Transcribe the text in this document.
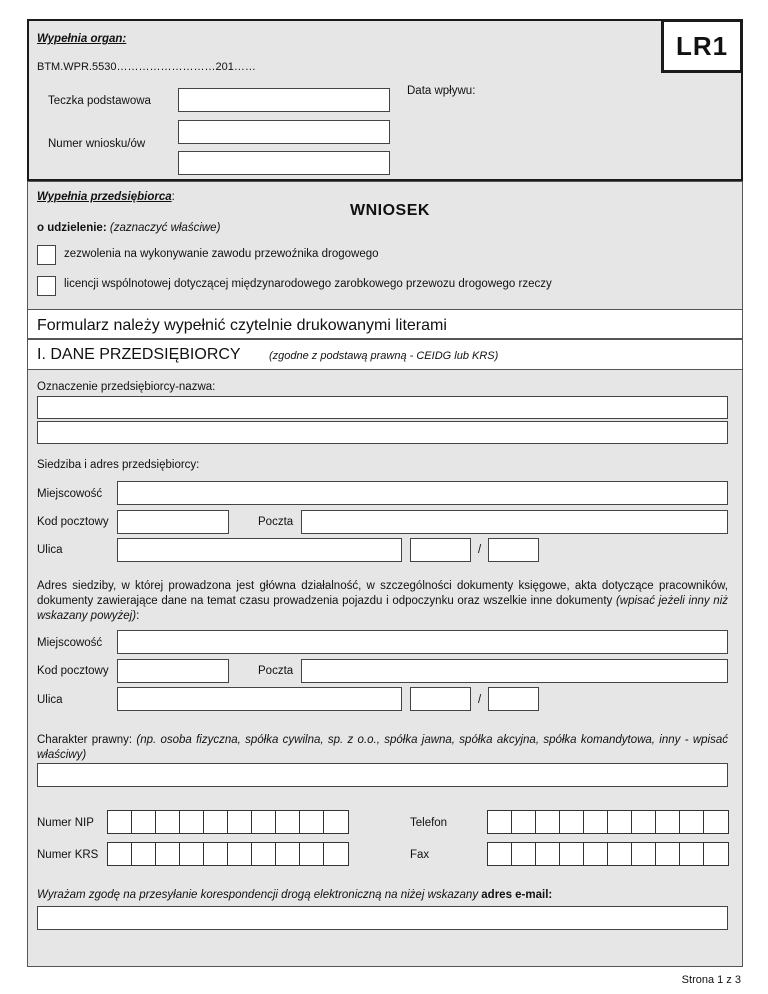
LR1
Wypełnia organ:
BTM.WPR.5530………………………201……
Teczka podstawowa
Data wpływu:
Numer wniosku/ów
Wypełnia przedsiębiorca:
WNIOSEK
o udzielenie: (zaznaczyć właściwe)
zezwolenia na wykonywanie zawodu przewoźnika drogowego
licencji wspólnotowej dotyczącej międzynarodowego zarobkowego przewozu drogowego rzeczy
Formularz należy wypełnić czytelnie drukowanymi literami
I. DANE PRZEDSIĘBIORCY	(zgodne z podstawą prawną - CEIDG lub KRS)
Oznaczenie przedsiębiorcy-nazwa:
Siedziba i adres przedsiębiorcy:
Miejscowość
Kod pocztowy	Poczta
Ulica	/
Adres siedziby, w której prowadzona jest główna działalność, w szczególności dokumenty księgowe, akta dotyczące pracowników, dokumenty zawierające dane na temat czasu prowadzenia pojazdu i odpoczynku oraz wszelkie inne dokumenty (wpisać jeżeli inny niż wskazany powyżej):
Miejscowość
Kod pocztowy	Poczta
Ulica	/
Charakter prawny: (np. osoba fizyczna, spółka cywilna, sp. z o.o., spółka jawna, spółka akcyjna, spółka komandytowa, inny - wpisać właściwy)
Numer NIP	Telefon
Numer KRS	Fax
Wyrażam zgodę na przesyłanie korespondencji drogą elektroniczną na niżej wskazany adres e-mail:
Strona 1 z 3
